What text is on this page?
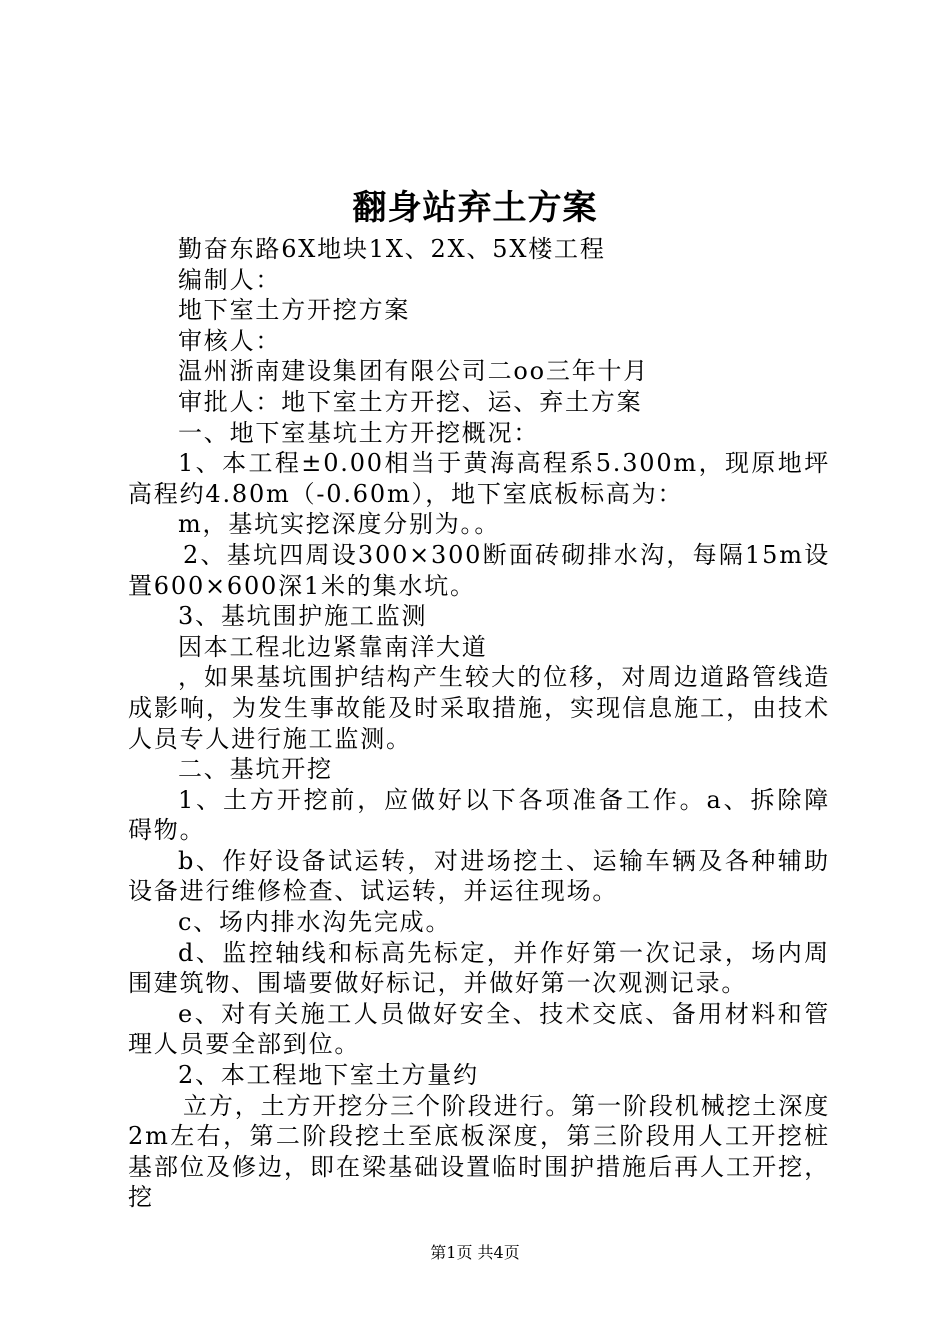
翻身站弃土方案

勤奋东路6X地块1X、2X、5X楼工程

编制人：

地下室土方开挖方案

审核人：

温州浙南建设集团有限公司二oo三年十月

审批人：地下室土方开挖、运、弃土方案

一、地下室基坑土方开挖概况：

1、本工程±0.00相当于黄海高程系5.300m，现原地坪高程约4.80m（-0.60m），地下室底板标高为：

m，基坑实挖深度分别为。。

2、基坑四周设300×300断面砖砌排水沟，每隔15m设置600×600深1米的集水坑。

3、基坑围护施工监测

因本工程北边紧靠南洋大道

，如果基坑围护结构产生较大的位移，对周边道路管线造成影响，为发生事故能及时采取措施，实现信息施工，由技术人员专人进行施工监测。

二、基坑开挖

1、土方开挖前，应做好以下各项准备工作。a、拆除障碍物。

b、作好设备试运转，对进场挖土、运输车辆及各种辅助设备进行维修检查、试运转，并运往现场。

c、场内排水沟先完成。

d、监控轴线和标高先标定，并作好第一次记录，场内周围建筑物、围墙要做好标记，并做好第一次观测记录。

e、对有关施工人员做好安全、技术交底、备用材料和管理人员要全部到位。

2、本工程地下室土方量约

立方，土方开挖分三个阶段进行。第一阶段机械挖土深度2m左右，第二阶段挖土至底板深度，第三阶段用人工开挖桩基部位及修边，即在梁基础设置临时围护措施后再人工开挖，挖

第1页 共4页
